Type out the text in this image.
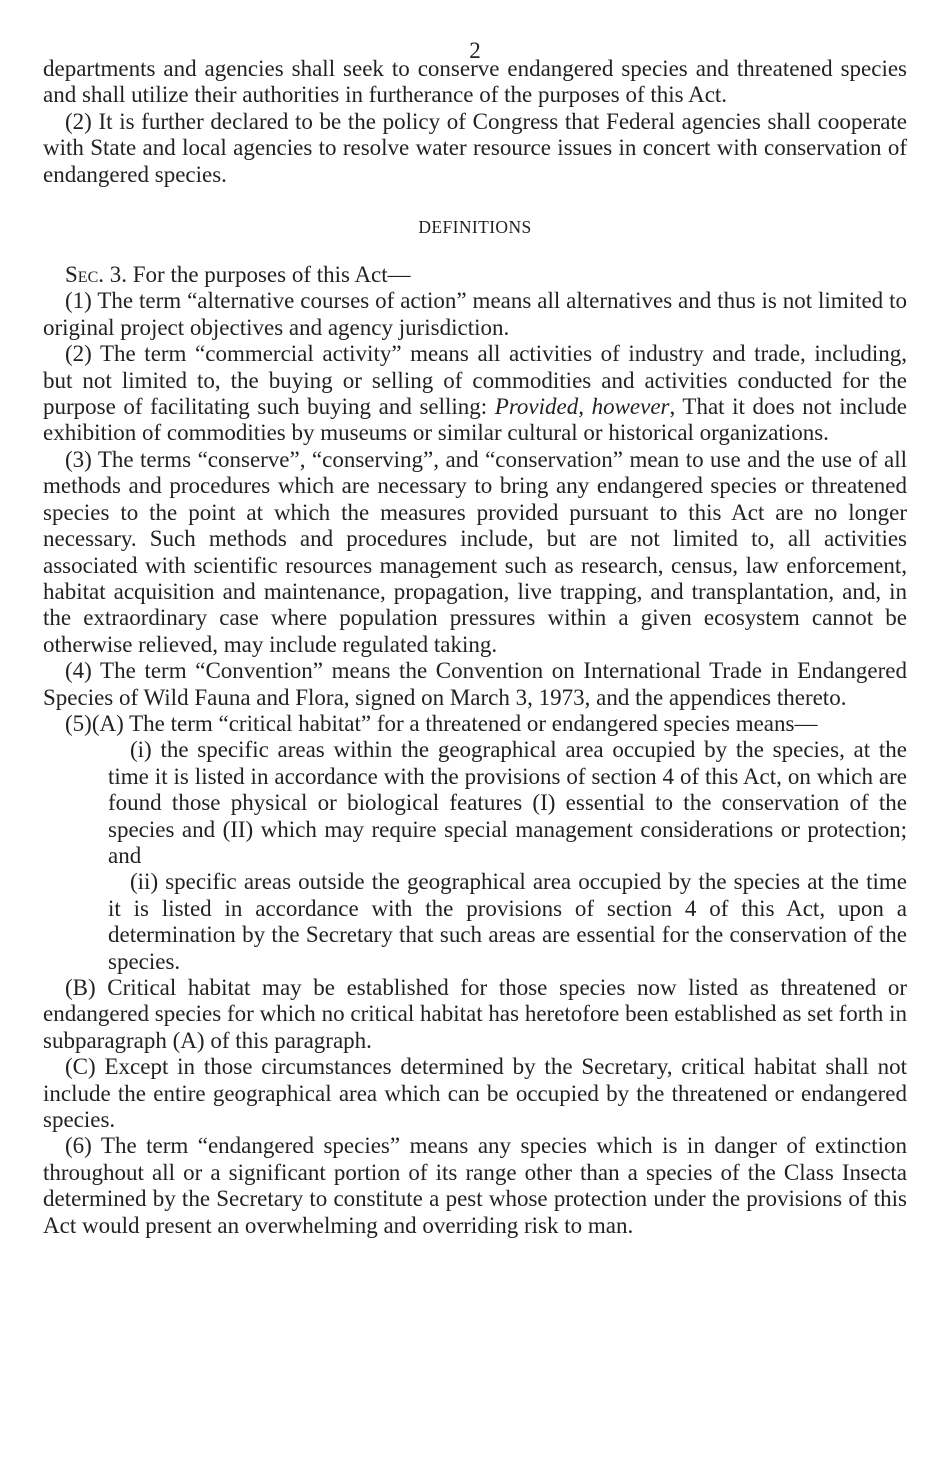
2

departments and agencies shall seek to conserve endangered species and threatened species and shall utilize their authorities in furtherance of the purposes of this Act.

(2) It is further declared to be the policy of Congress that Federal agencies shall cooperate with State and local agencies to resolve water resource issues in concert with conservation of endangered species.

DEFINITIONS

Sec. 3. For the purposes of this Act—

(1) The term “alternative courses of action” means all alternatives and thus is not limited to original project objectives and agency jurisdiction.

(2) The term “commercial activity” means all activities of industry and trade, including, but not limited to, the buying or selling of commodities and activities conducted for the purpose of facilitating such buying and selling: Provided, however, That it does not include exhibition of commodities by museums or similar cultural or historical organizations.

(3) The terms “conserve”, “conserving”, and “conservation” mean to use and the use of all methods and procedures which are necessary to bring any endangered species or threatened species to the point at which the measures provided pursuant to this Act are no longer necessary. Such methods and procedures include, but are not limited to, all activities associated with scientific resources management such as research, census, law enforcement, habitat acquisition and maintenance, propagation, live trapping, and transplantation, and, in the extraordinary case where population pressures within a given ecosystem cannot be otherwise relieved, may include regulated taking.

(4) The term “Convention” means the Convention on International Trade in Endangered Species of Wild Fauna and Flora, signed on March 3, 1973, and the appendices thereto.

(5)(A) The term “critical habitat” for a threatened or endangered species means—

(i) the specific areas within the geographical area occupied by the species, at the time it is listed in accordance with the provisions of section 4 of this Act, on which are found those physical or biological features (I) essential to the conservation of the species and (II) which may require special management considerations or protection; and

(ii) specific areas outside the geographical area occupied by the species at the time it is listed in accordance with the provisions of section 4 of this Act, upon a determination by the Secretary that such areas are essential for the conservation of the species.

(B) Critical habitat may be established for those species now listed as threatened or endangered species for which no critical habitat has heretofore been established as set forth in subparagraph (A) of this paragraph.

(C) Except in those circumstances determined by the Secretary, critical habitat shall not include the entire geographical area which can be occupied by the threatened or endangered species.

(6) The term “endangered species” means any species which is in danger of extinction throughout all or a significant portion of its range other than a species of the Class Insecta determined by the Secretary to constitute a pest whose protection under the provisions of this Act would present an overwhelming and overriding risk to man.
